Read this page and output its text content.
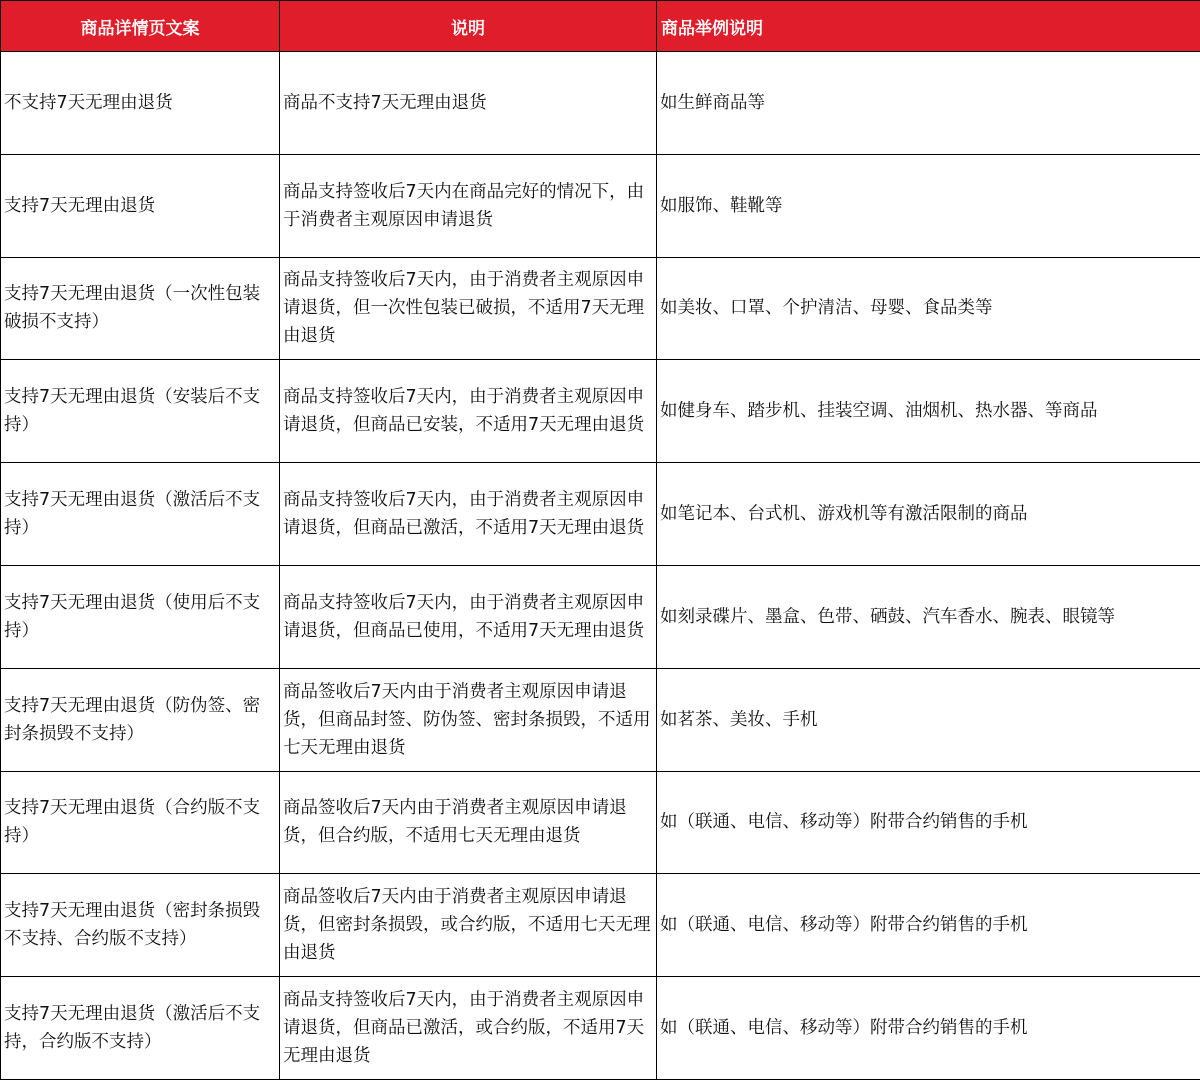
商品详情页文案	说明	商品举例说明
不支持7天无理由退货	商品不支持7天无理由退货	如生鲜商品等
支持7天无理由退货	商品支持签收后7天内在商品完好的情况下，由于消费者主观原因申请退货	如服饰、鞋靴等
支持7天无理由退货（一次性包装破损不支持）	商品支持签收后7天内，由于消费者主观原因申请退货，但一次性包装已破损，不适用7天无理由退货	如美妆、口罩、个护清洁、母婴、食品类等
支持7天无理由退货（安装后不支持）	商品支持签收后7天内，由于消费者主观原因申请退货，但商品已安装，不适用7天无理由退货	如健身车、踏步机、挂装空调、油烟机、热水器、等商品
支持7天无理由退货（激活后不支持）	商品支持签收后7天内，由于消费者主观原因申请退货，但商品已激活，不适用7天无理由退货	如笔记本、台式机、游戏机等有激活限制的商品
支持7天无理由退货（使用后不支持）	商品支持签收后7天内，由于消费者主观原因申请退货，但商品已使用，不适用7天无理由退货	如刻录碟片、墨盒、色带、硒鼓、汽车香水、腕表、眼镜等
支持7天无理由退货（防伪签、密封条损毁不支持）	商品签收后7天内由于消费者主观原因申请退货，但商品封签、防伪签、密封条损毁，不适用七天无理由退货	如茗茶、美妆、手机
支持7天无理由退货（合约版不支持）	商品签收后7天内由于消费者主观原因申请退货，但合约版，不适用七天无理由退货	如（联通、电信、移动等）附带合约销售的手机
支持7天无理由退货（密封条损毁不支持、合约版不支持）	商品签收后7天内由于消费者主观原因申请退货，但密封条损毁，或合约版，不适用七天无理由退货	如（联通、电信、移动等）附带合约销售的手机
支持7天无理由退货（激活后不支持，合约版不支持）	商品支持签收后7天内，由于消费者主观原因申请退货，但商品已激活，或合约版，不适用7天无理由退货	如（联通、电信、移动等）附带合约销售的手机
